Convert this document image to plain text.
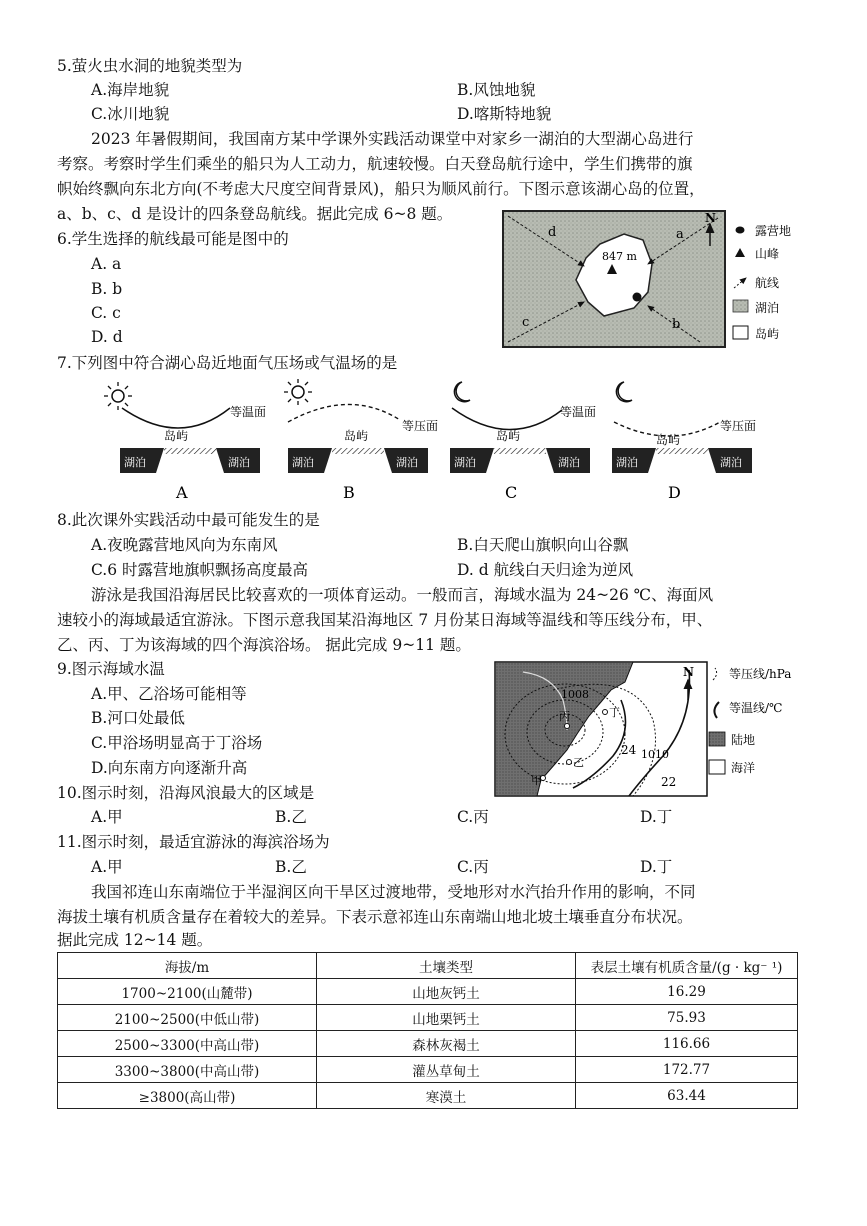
5.萤火虫水洞的地貌类型为
A.海岸地貌	B.风蚀地貌
C.冰川地貌	D.喀斯特地貌
2023 年暑假期间，我国南方某中学课外实践活动课堂中对家乡一湖泊的大型湖心岛进行
考察。考察时学生们乘坐的船只为人工动力，航速较慢。白天登岛航行途中，学生们携带的旗
帜始终飘向东北方向(不考虑大尺度空间背景风)，船只为顺风前行。下图示意该湖心岛的位置，
a、b、c、d 是设计的四条登岛航线。据此完成 6~8 题。
6.学生选择的航线最可能是图中的
A. a
B. b
C. c
D. d
847 m
d	a
c	b
N
露营地
山峰
航线
湖泊
岛屿
7.下列图中符合湖心岛近地面气压场或气温场的是
等温面
岛屿
湖泊	湖泊
A
等压面
岛屿
湖泊	湖泊
B
等温面
岛屿
湖泊	湖泊
C
等压面
岛屿
湖泊	湖泊
D
8.此次课外实践活动中最可能发生的是
A.夜晚露营地风向为东南风	B.白天爬山旗帜向山谷飘
C.6 时露营地旗帜飘扬高度最高	D. d 航线白天归途为逆风
游泳是我国沿海居民比较喜欢的一项体育运动。一般而言，海域水温为 24~26 ℃、海面风
速较小的海域最适宜游泳。下图示意我国某沿海地区 7 月份某日海域等温线和等压线分布，甲、
乙、丙、丁为该海域的四个海滨浴场。 据此完成 9~11 题。
9.图示海域水温
A.甲、乙浴场可能相等
B.河口处最低
C.甲浴场明显高于丁浴场
D.向东南方向逐渐升高
1008
1010
24
22
丙	丁
乙
甲
N	等压线/hPa
等温线/℃
陆地
海洋
10.图示时刻，沿海风浪最大的区域是
A.甲	B.乙	C.丙	D.丁
11.图示时刻，最适宜游泳的海滨浴场为
A.甲	B.乙	C.丙	D.丁
我国祁连山东南端位于半湿润区向干旱区过渡地带，受地形对水汽抬升作用的影响，不同
海拔土壤有机质含量存在着较大的差异。下表示意祁连山东南端山地北坡土壤垂直分布状况。
据此完成 12~14 题。
海拔/m	土壤类型	表层土壤有机质含量/(g · kg⁻ ¹)
1700~2100(山麓带)	山地灰钙土	16.29
2100~2500(中低山带)	山地栗钙土	75.93
2500~3300(中高山带)	森林灰褐土	116.66
3300~3800(中高山带)	灌丛草甸土	172.77
≥3800(高山带)	寒漠土	63.44
